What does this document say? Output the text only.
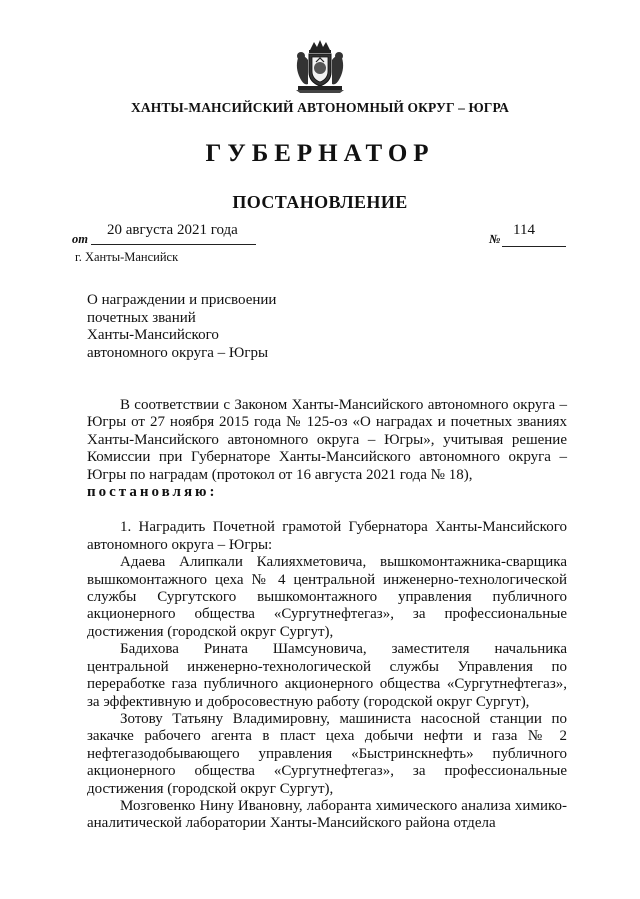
ХАНТЫ-МАНСИЙСКИЙ АВТОНОМНЫЙ ОКРУГ – ЮГРА
ГУБЕРНАТОР
ПОСТАНОВЛЕНИЕ
от
20 августа 2021 года
№
114
г. Ханты-Мансийск
О награждении и присвоении
почетных званий
Ханты-Мансийского
автономного округа – Югры

В соответствии с Законом Ханты-Мансийского автономного округа – Югры от 27 ноября 2015 года № 125-оз «О наградах и почетных званиях Ханты-Мансийского автономного округа – Югры», учитывая решение Комиссии при Губернаторе Ханты-Мансийского автономного округа – Югры по наградам (протокол от 16 августа 2021 года № 18),

постановляю:

1. Наградить Почетной грамотой Губернатора Ханты-Мансийского автономного округа – Югры:

Адаева Алипкали Калияхметовича, вышкомонтажника-сварщика вышкомонтажного цеха № 4 центральной инженерно-технологической службы Сургутского вышкомонтажного управления публичного акционерного общества «Сургутнефтегаз», за профессиональные достижения (городской округ Сургут),

Бадихова Рината Шамсуновича, заместителя начальника центральной инженерно-технологической службы Управления по переработке газа публичного акционерного общества «Сургутнефтегаз», за эффективную и добросовестную работу (городской округ Сургут),

Зотову Татьяну Владимировну, машиниста насосной станции по закачке рабочего агента в пласт цеха добычи нефти и газа № 2 нефтегазодобывающего управления «Быстринскнефть» публичного акционерного общества «Сургутнефтегаз», за профессиональные достижения (городской округ Сургут),

Мозговенко Нину Ивановну, лаборанта химического анализа химико-аналитической лаборатории Ханты-Мансийского района отдела
